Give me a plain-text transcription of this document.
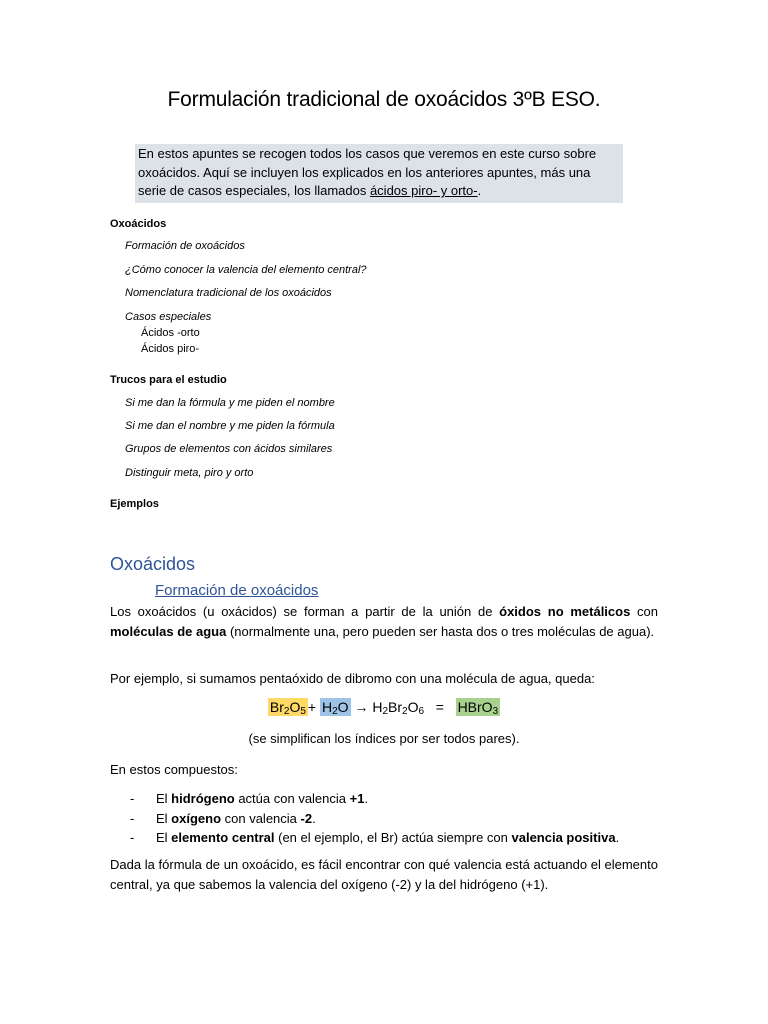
Formulación tradicional de oxoácidos 3ºB ESO.
En estos apuntes se recogen todos los casos que veremos en este curso sobre oxoácidos. Aquí se incluyen los explicados en los anteriores apuntes, más una serie de casos especiales, los llamados ácidos piro- y orto-.
Oxoácidos
Formación de oxoácidos
¿Cómo conocer la valencia del elemento central?
Nomenclatura tradicional de los oxoácidos
Casos especiales
Ácidos -orto
Ácidos piro-
Trucos para el estudio
Si me dan la fórmula y me piden el nombre
Si me dan el nombre y me piden la fórmula
Grupos de elementos con ácidos similares
Distinguir meta, piro y orto
Ejemplos
Oxoácidos
Formación de oxoácidos
Los oxoácidos (u oxácidos) se forman a partir de la unión de óxidos no metálicos con moléculas de agua (normalmente una, pero pueden ser hasta dos o tres moléculas de agua).
Por ejemplo, si sumamos pentaóxido de dibromo con una molécula de agua, queda:
$Br_2O_5 + H_2O \to H_2Br_2O_6$ = HBrO$_3$
(se simplifican los índices por ser todos pares).
En estos compuestos:
-	El hidrógeno actúa con valencia +1.
-	El oxígeno con valencia -2.
-	El elemento central (en el ejemplo, el Br) actúa siempre con valencia positiva.
Dada la fórmula de un oxoácido, es fácil encontrar con qué valencia está actuando el elemento central, ya que sabemos la valencia del oxígeno (-2) y la del hidrógeno (+1).
